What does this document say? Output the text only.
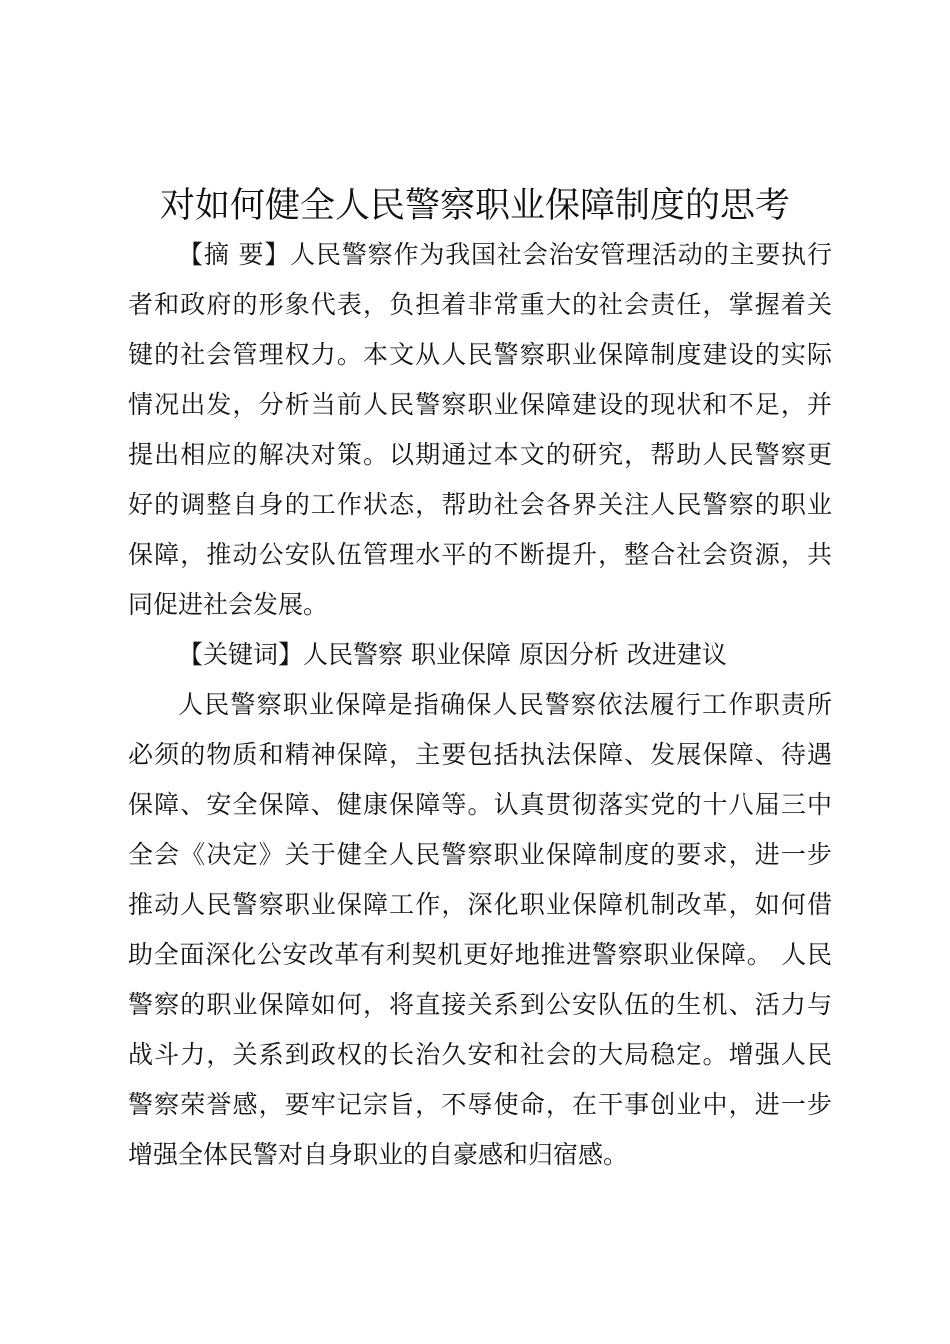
对如何健全人民警察职业保障制度的思考
【摘 要】人民警察作为我国社会治安管理活动的主要执行
者和政府的形象代表，负担着非常重大的社会责任，掌握着关
键的社会管理权力。本文从人民警察职业保障制度建设的实际
情况出发，分析当前人民警察职业保障建设的现状和不足，并
提出相应的解决对策。以期通过本文的研究，帮助人民警察更
好的调整自身的工作状态，帮助社会各界关注人民警察的职业
保障，推动公安队伍管理水平的不断提升，整合社会资源，共
同促进社会发展。
【关键词】人民警察 职业保障 原因分析 改进建议
人民警察职业保障是指确保人民警察依法履行工作职责所
必须的物质和精神保障，主要包括执法保障、发展保障、待遇
保障、安全保障、健康保障等。认真贯彻落实党的十八届三中
全会《决定》关于健全人民警察职业保障制度的要求，进一步
推动人民警察职业保障工作，深化职业保障机制改革，如何借
助全面深化公安改革有利契机更好地推进警察职业保障。 人民
警察的职业保障如何，将直接关系到公安队伍的生机、活力与
战斗力，关系到政权的长治久安和社会的大局稳定。增强人民
警察荣誉感，要牢记宗旨，不辱使命，在干事创业中，进一步
增强全体民警对自身职业的自豪感和归宿感。
